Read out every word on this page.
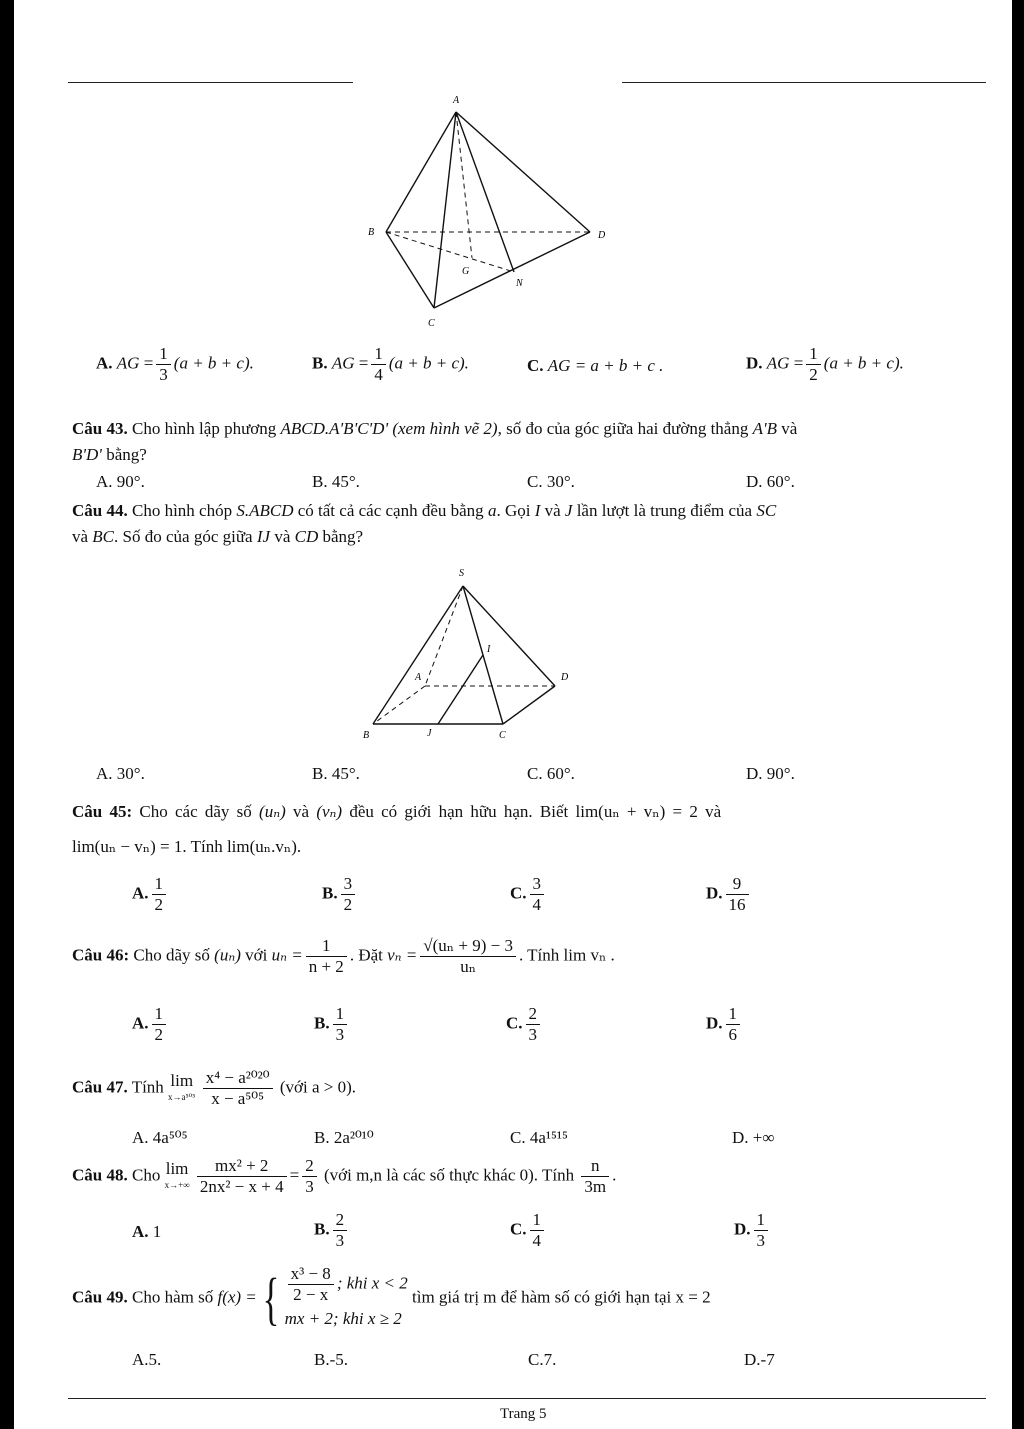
A
B
C
D
G
N
A. AG = $\frac{1}{3} (a + b + c)$.	B. AG = $\frac{1}{4} (a + b + c)$.	C. AG = a + b + c .	D. AG = $\frac{1}{2} (a + b + c)$.
Câu 43. Cho hình lập phương ABCD.A'B'C'D' (xem hình vẽ 2), số đo của góc giữa hai đường thẳng A'B và
B'D' bằng?
A. 90°.	B. 45°.	C. 30°.	D. 60°.
Câu 44. Cho hình chóp S.ABCD có tất cả các cạnh đều bằng a. Gọi I và J lần lượt là trung điểm của SC
và BC. Số đo của góc giữa IJ và CD bằng?
S
A
B	C
D
I
J
A. 30°.	B. 45°.	C. 60°.	D. 90°.
Câu 45: Cho các dãy số (uₙ) và (vₙ) đều có giới hạn hữu hạn. Biết lim(uₙ + vₙ) = 2 và
lim(uₙ − vₙ) = 1. Tính lim(uₙ.vₙ).
A. $\frac{1}{2}$	B. $\frac{3}{2}$	C. $\frac{3}{4}$	D. $\frac{9}{16}$
Câu 46: Cho dãy số (uₙ) với $u_n = \frac{1}{n + 2}$ . Đặt $v_n = \frac{\text{√(uₙ + 9) − 3}}{\text{uₙ}}$ . Tính lim vₙ .
A. $\frac{1}{2}$	B. $\frac{1}{3}$	C. $\frac{2}{3}$	D. $\frac{1}{6}$
Câu 47. Tính lim
x→a⁵⁰⁵
$\frac{\text{x⁴ − a²⁰²⁰}}{\text{x − a⁵⁰⁵}}$ (với a > 0).
A. 4a⁵⁰⁵	B. 2a²⁰¹⁰	C. 4a¹⁵¹⁵	D. +∞
Câu 48. Cho lim
x→+∞
$\frac{\text{mx² + 2}}{\text{2nx² − x + 4}} = \frac{2}{3}$ (với m,n là các số thực khác 0). Tính $\frac{n}{3m}$ .
A. 1	B. $\frac{2}{3}$	C. $\frac{1}{4}$	D. $\frac{1}{3}$
Câu 49. Cho hàm số f(x) ={ $\frac{\text{x³ − 8}}{2 - x}$ ; khi x < 2
mx + 2; khi x ≥ 2
tìm giá trị m để hàm số có giới hạn tại x = 2
A.5.	B.-5.	C.7.	D.-7
Trang 5
